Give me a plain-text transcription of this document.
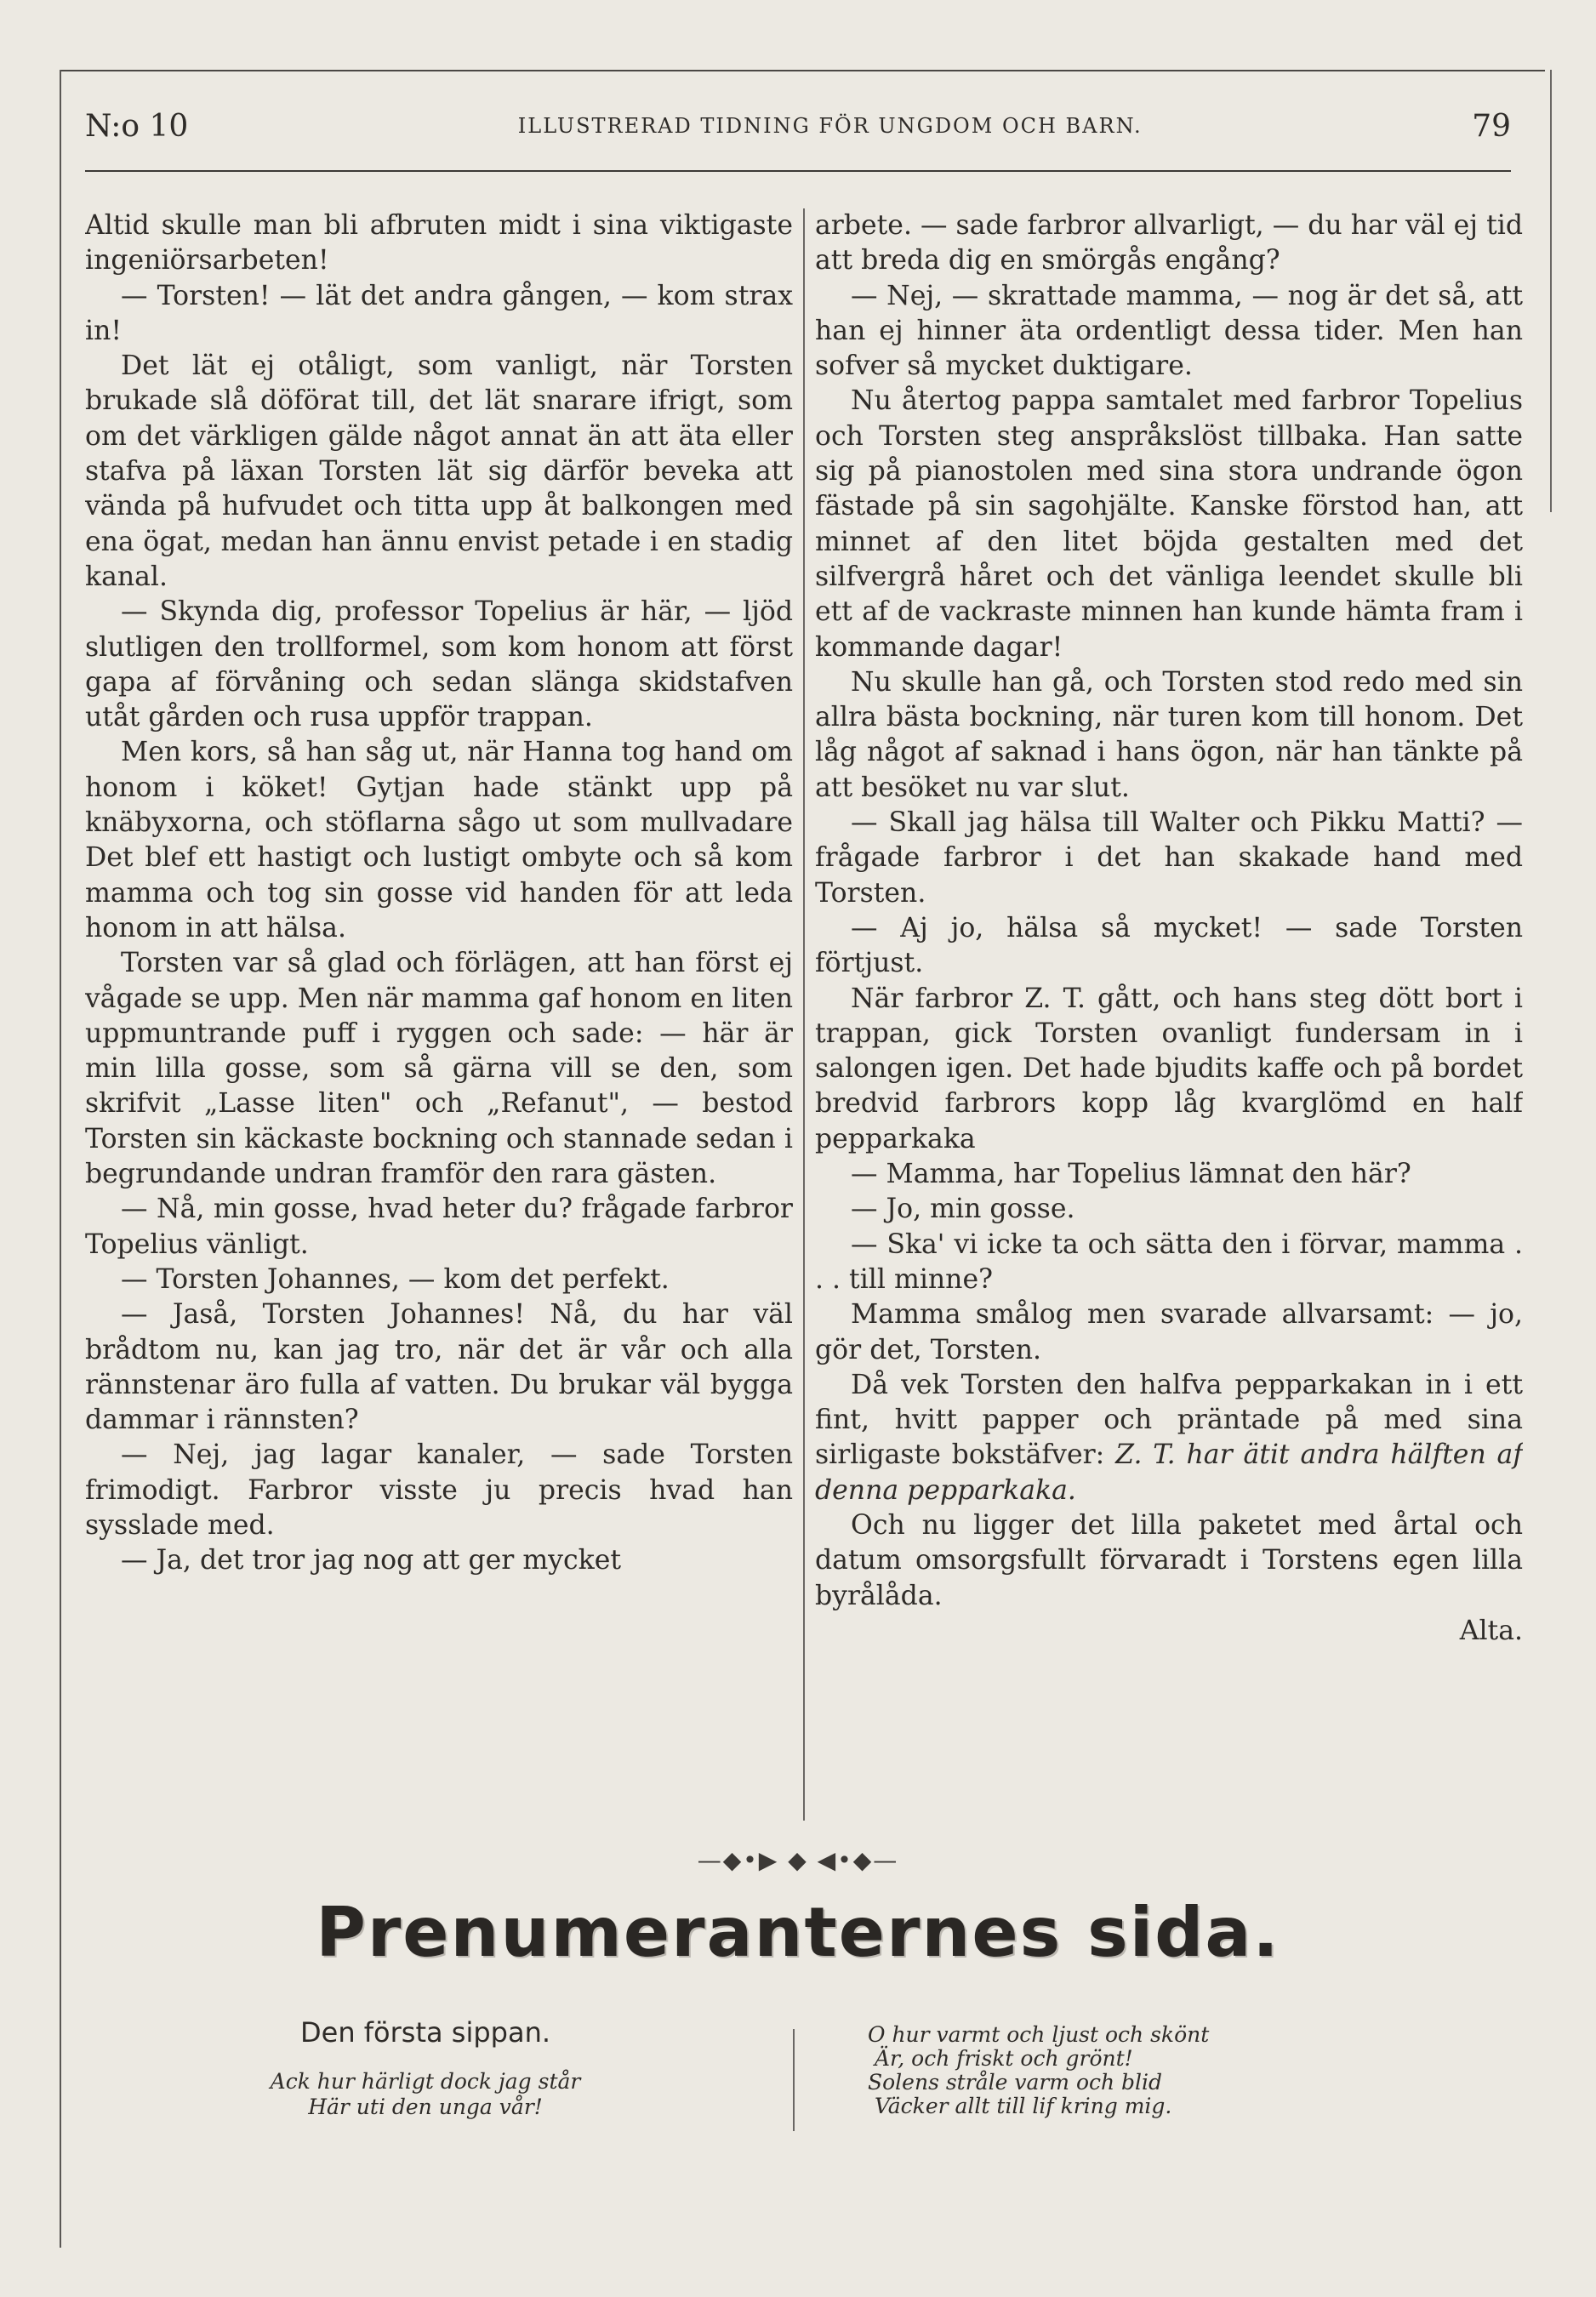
N:o 10	ILLUSTRERAD TIDNING FÖR UNGDOM OCH BARN.	79

Altid skulle man bli afbruten midt i sina viktigaste ingeniörsarbeten!

— Torsten! — lät det andra gången, — kom strax in!

Det lät ej otåligt, som vanligt, när Torsten brukade slå döförat till, det lät snarare ifrigt, som om det värkligen gälde något annat än att äta eller stafva på läxan Torsten lät sig därför beveka att vända på hufvudet och titta upp åt balkongen med ena ögat, medan han ännu envist petade i en stadig kanal.

— Skynda dig, professor Topelius är här, — ljöd slutligen den trollformel, som kom honom att först gapa af förvåning och sedan slänga skidstafven utåt gården och rusa uppför trappan.

Men kors, så han såg ut, när Hanna tog hand om honom i köket! Gytjan hade stänkt upp på knäbyxorna, och stöflarna sågo ut som mullvadare Det blef ett hastigt och lustigt ombyte och så kom mamma och tog sin gosse vid handen för att leda honom in att hälsa.

Torsten var så glad och förlägen, att han först ej vågade se upp. Men när mamma gaf honom en liten uppmuntrande puff i ryggen och sade: — här är min lilla gosse, som så gärna vill se den, som skrifvit „Lasse liten" och „Refanut", — bestod Torsten sin käckaste bockning och stannade sedan i begrundande undran framför den rara gästen.

— Nå, min gosse, hvad heter du? frågade farbror Topelius vänligt.

— Torsten Johannes, — kom det perfekt.

— Jaså, Torsten Johannes! Nå, du har väl brådtom nu, kan jag tro, när det är vår och alla rännstenar äro fulla af vatten. Du brukar väl bygga dammar i rännsten?

— Nej, jag lagar kanaler, — sade Torsten frimodigt. Farbror visste ju precis hvad han sysslade med.

— Ja, det tror jag nog att ger mycket

arbete. — sade farbror allvarligt, — du har väl ej tid att breda dig en smörgås engång?

— Nej, — skrattade mamma, — nog är det så, att han ej hinner äta ordentligt dessa tider. Men han sofver så mycket duktigare.

Nu återtog pappa samtalet med farbror Topelius och Torsten steg anspråkslöst tillbaka. Han satte sig på pianostolen med sina stora undrande ögon fästade på sin sagohjälte. Kanske förstod han, att minnet af den litet böjda gestalten med det silfvergrå håret och det vänliga leendet skulle bli ett af de vackraste minnen han kunde hämta fram i kommande dagar!

Nu skulle han gå, och Torsten stod redo med sin allra bästa bockning, när turen kom till honom. Det låg något af saknad i hans ögon, när han tänkte på att besöket nu var slut.

— Skall jag hälsa till Walter och Pikku Matti? — frågade farbror i det han skakade hand med Torsten.

— Aj jo, hälsa så mycket! — sade Torsten förtjust.

När farbror Z. T. gått, och hans steg dött bort i trappan, gick Torsten ovanligt fundersam in i salongen igen. Det hade bjudits kaffe och på bordet bredvid farbrors kopp låg kvarglömd en half pepparkaka

— Mamma, har Topelius lämnat den här?

— Jo, min gosse.

— Ska' vi icke ta och sätta den i förvar, mamma . . . till minne?

Mamma smålog men svarade allvarsamt: — jo, gör det, Torsten.

Då vek Torsten den halfva pepparkakan in i ett fint, hvitt papper och präntade på med sina sirligaste bokstäfver: Z. T. har ätit andra hälften af denna pepparkaka.

Och nu ligger det lilla paketet med årtal och datum omsorgsfullt förvaradt i Torstens egen lilla byrålåda.

Alta.

—◆•▶ ◆ ◀•◆—
Prenumeranternes sida.
Den första sippan.
Ack hur härligt dock jag står
Här uti den unga vår!
O hur varmt och ljust och skönt
Är, och friskt och grönt!
Solens stråle varm och blid
Väcker allt till lif kring mig.
